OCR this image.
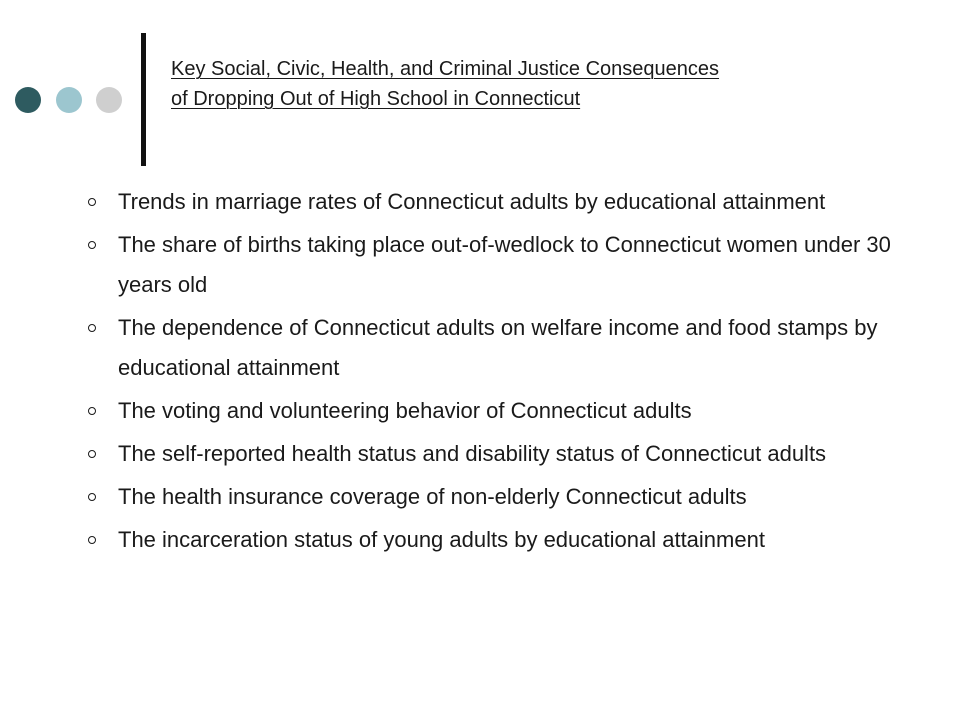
Key Social, Civic, Health, and Criminal Justice Consequences
of Dropping Out of High School in Connecticut
Trends in marriage rates of Connecticut adults by educational attainment
The share of births taking place out-of-wedlock to Connecticut women under 30 years old
The dependence of Connecticut adults on welfare income and food stamps by educational attainment
The voting and volunteering behavior of Connecticut adults
The self-reported health status and disability status of Connecticut adults
The health insurance coverage of non-elderly Connecticut adults
The incarceration status of young adults by educational attainment
